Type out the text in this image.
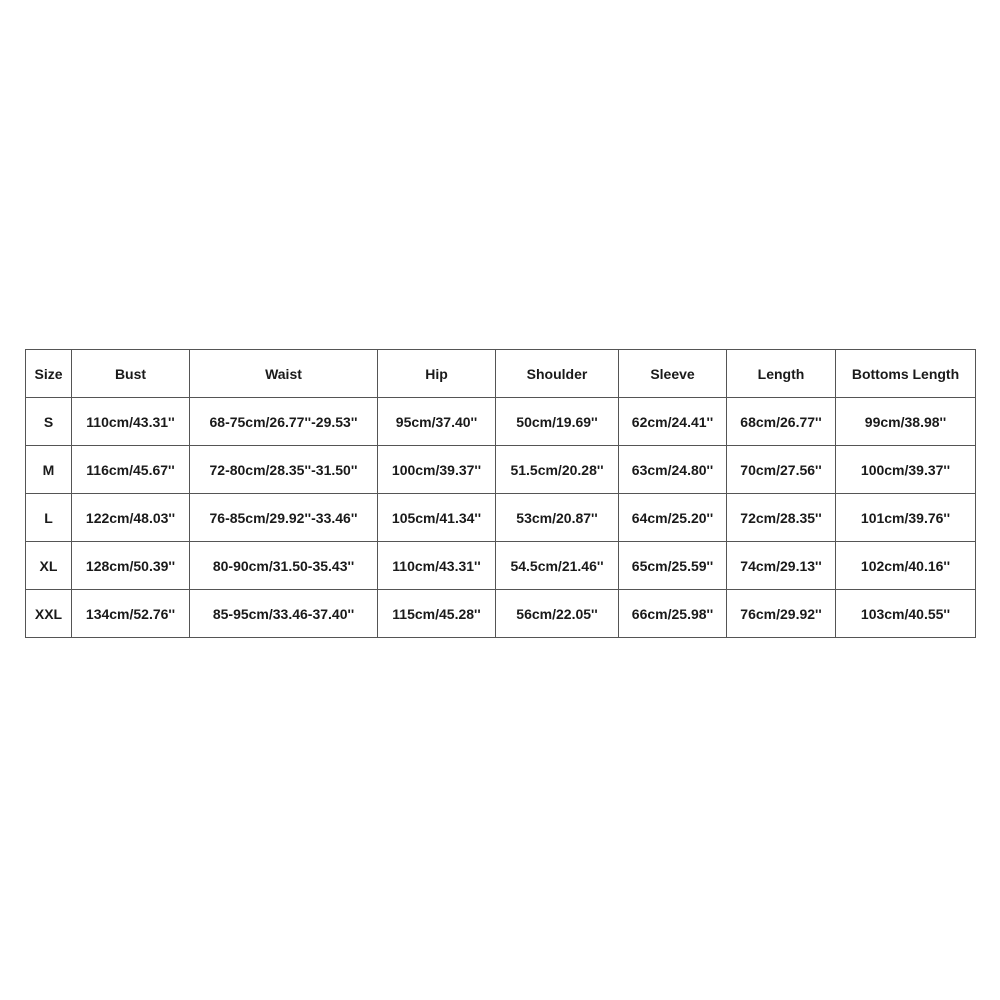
Size	Bust	Waist	Hip	Shoulder	Sleeve	Length	Bottoms Length
S	110cm/43.31''	68-75cm/26.77''-29.53''	95cm/37.40''	50cm/19.69''	62cm/24.41''	68cm/26.77''	99cm/38.98''
M	116cm/45.67''	72-80cm/28.35''-31.50''	100cm/39.37''	51.5cm/20.28''	63cm/24.80''	70cm/27.56''	100cm/39.37''
L	122cm/48.03''	76-85cm/29.92''-33.46''	105cm/41.34''	53cm/20.87''	64cm/25.20''	72cm/28.35''	101cm/39.76''
XL	128cm/50.39''	80-90cm/31.50-35.43''	110cm/43.31''	54.5cm/21.46''	65cm/25.59''	74cm/29.13''	102cm/40.16''
XXL	134cm/52.76''	85-95cm/33.46-37.40''	115cm/45.28''	56cm/22.05''	66cm/25.98''	76cm/29.92''	103cm/40.55''
